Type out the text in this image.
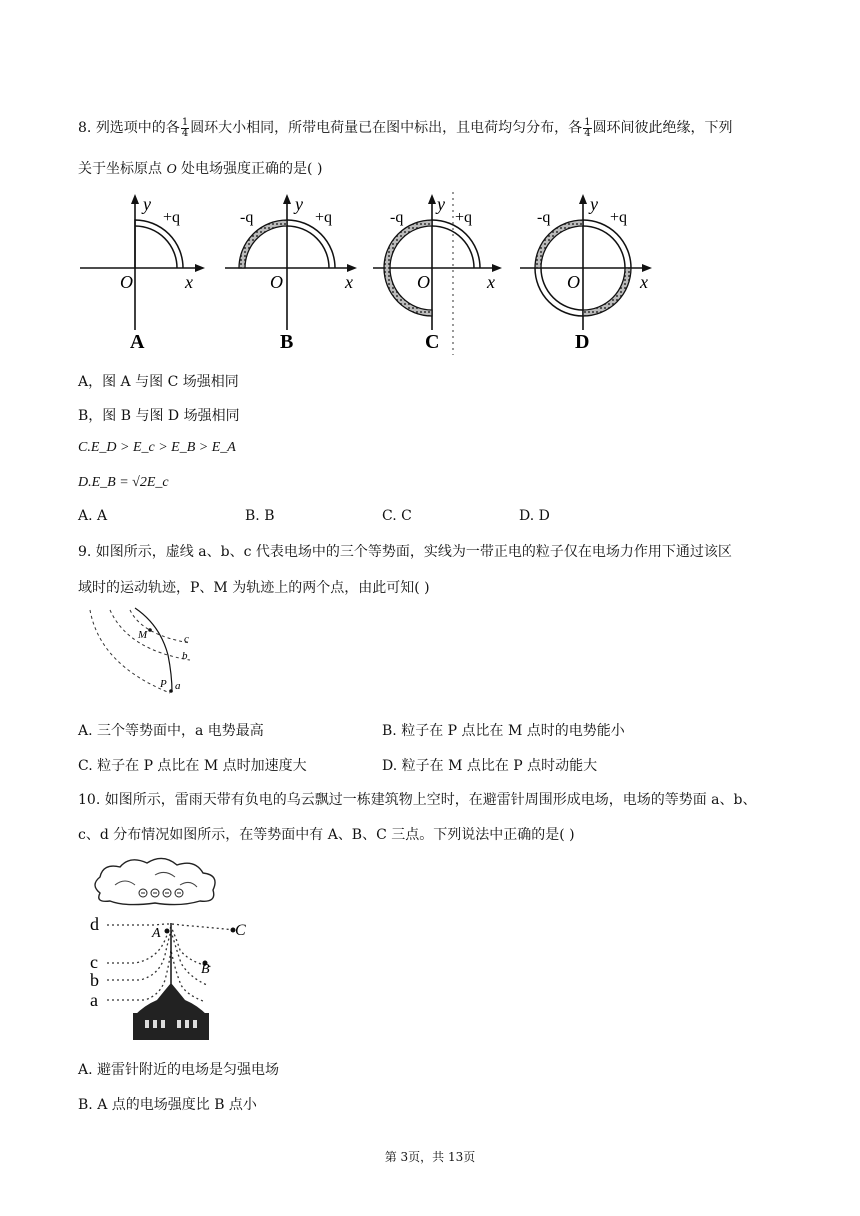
8. 列选项中的各 $\frac{1}{4}$ 圆环大小相同，所带电荷量已在图中标出，且电荷均匀分布，各 $\frac{1}{4}$ 圆环间彼此绝缘，下列
关于坐标原点 O 处电场强度正确的是( )
O	x
y
+q
A
O	x
y
-q	+q
B
O	x
y
-q	+q
C
O	x
y
-q	+q
D
A，图 A 与图 C 场强相同
B，图 B 与图 D 场强相同
C.E_D > E_c > E_B > E_A
D.E_B = √2E_c
A. A	B. B	C. C	D. D
9. 如图所示，虚线 a、b、c 代表电场中的三个等势面，实线为一带正电的粒子仅在电场力作用下通过该区
域时的运动轨迹，P、M 为轨迹上的两个点，由此可知( )
M
P a
b
c
A. 三个等势面中，a 电势最高	B. 粒子在 P 点比在 M 点时的电势能小
C. 粒子在 P 点比在 M 点时加速度大	D. 粒子在 M 点比在 P 点时动能大
10. 如图所示，雷雨天带有负电的乌云飘过一栋建筑物上空时，在避雷针周围形成电场，电场的等势面 a、b、
c、d 分布情况如图所示，在等势面中有 A、B、C 三点。下列说法中正确的是( )
d
c
b
a
A	C
B
A. 避雷针附近的电场是匀强电场
B. A 点的电场强度比 B 点小
第 3页，共 13页
